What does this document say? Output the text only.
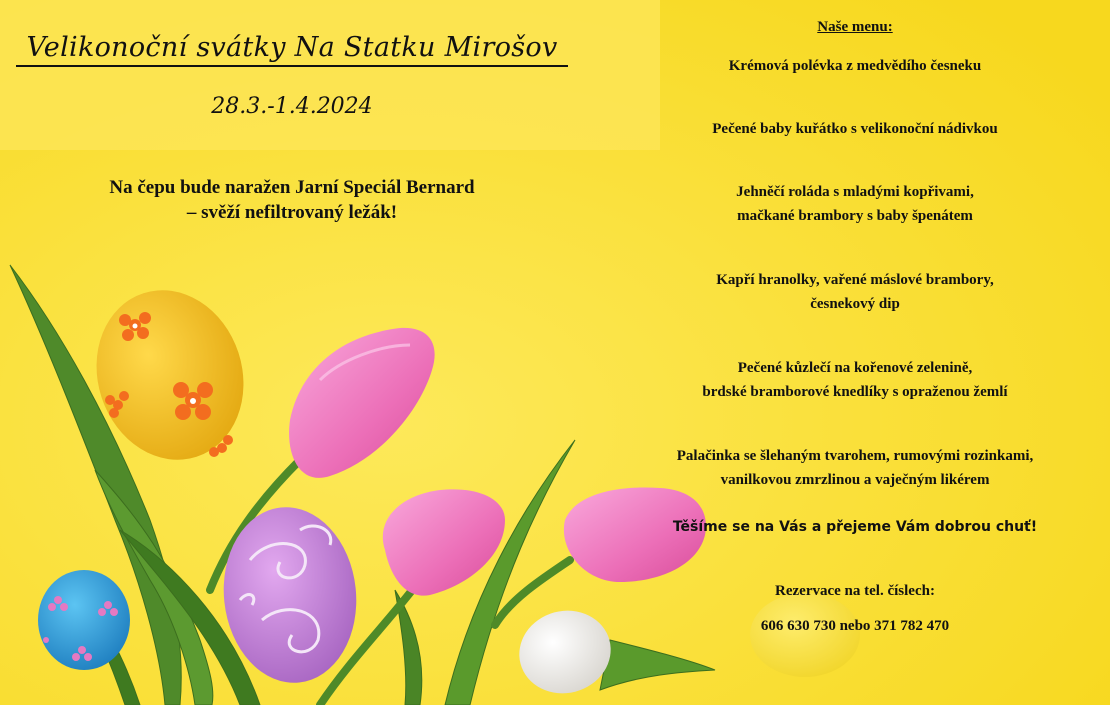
Velikonoční svátky Na Statku Mirošov
28.3.-1.4.2024
Na čepu bude naražen Jarní Speciál Bernard
– svěží nefiltrovaný ležák!
Naše menu:
Krémová polévka z medvědího česneku
Pečené baby kuřátko s velikonoční nádivkou
Jehněčí roláda s mladými kopřivami,
mačkané brambory s baby špenátem
Kapří hranolky, vařené máslové brambory,
česnekový dip
Pečené kůzlečí na kořenové zelenině,
brdské bramborové knedlíky s opraženou žemlí
Palačinka se šlehaným tvarohem, rumovými rozinkami,
vanilkovou zmrzlinou a vaječným likérem
Těšíme se na Vás a přejeme Vám dobrou chuť!
Rezervace na tel. číslech:
606 630 730 nebo 371 782 470
